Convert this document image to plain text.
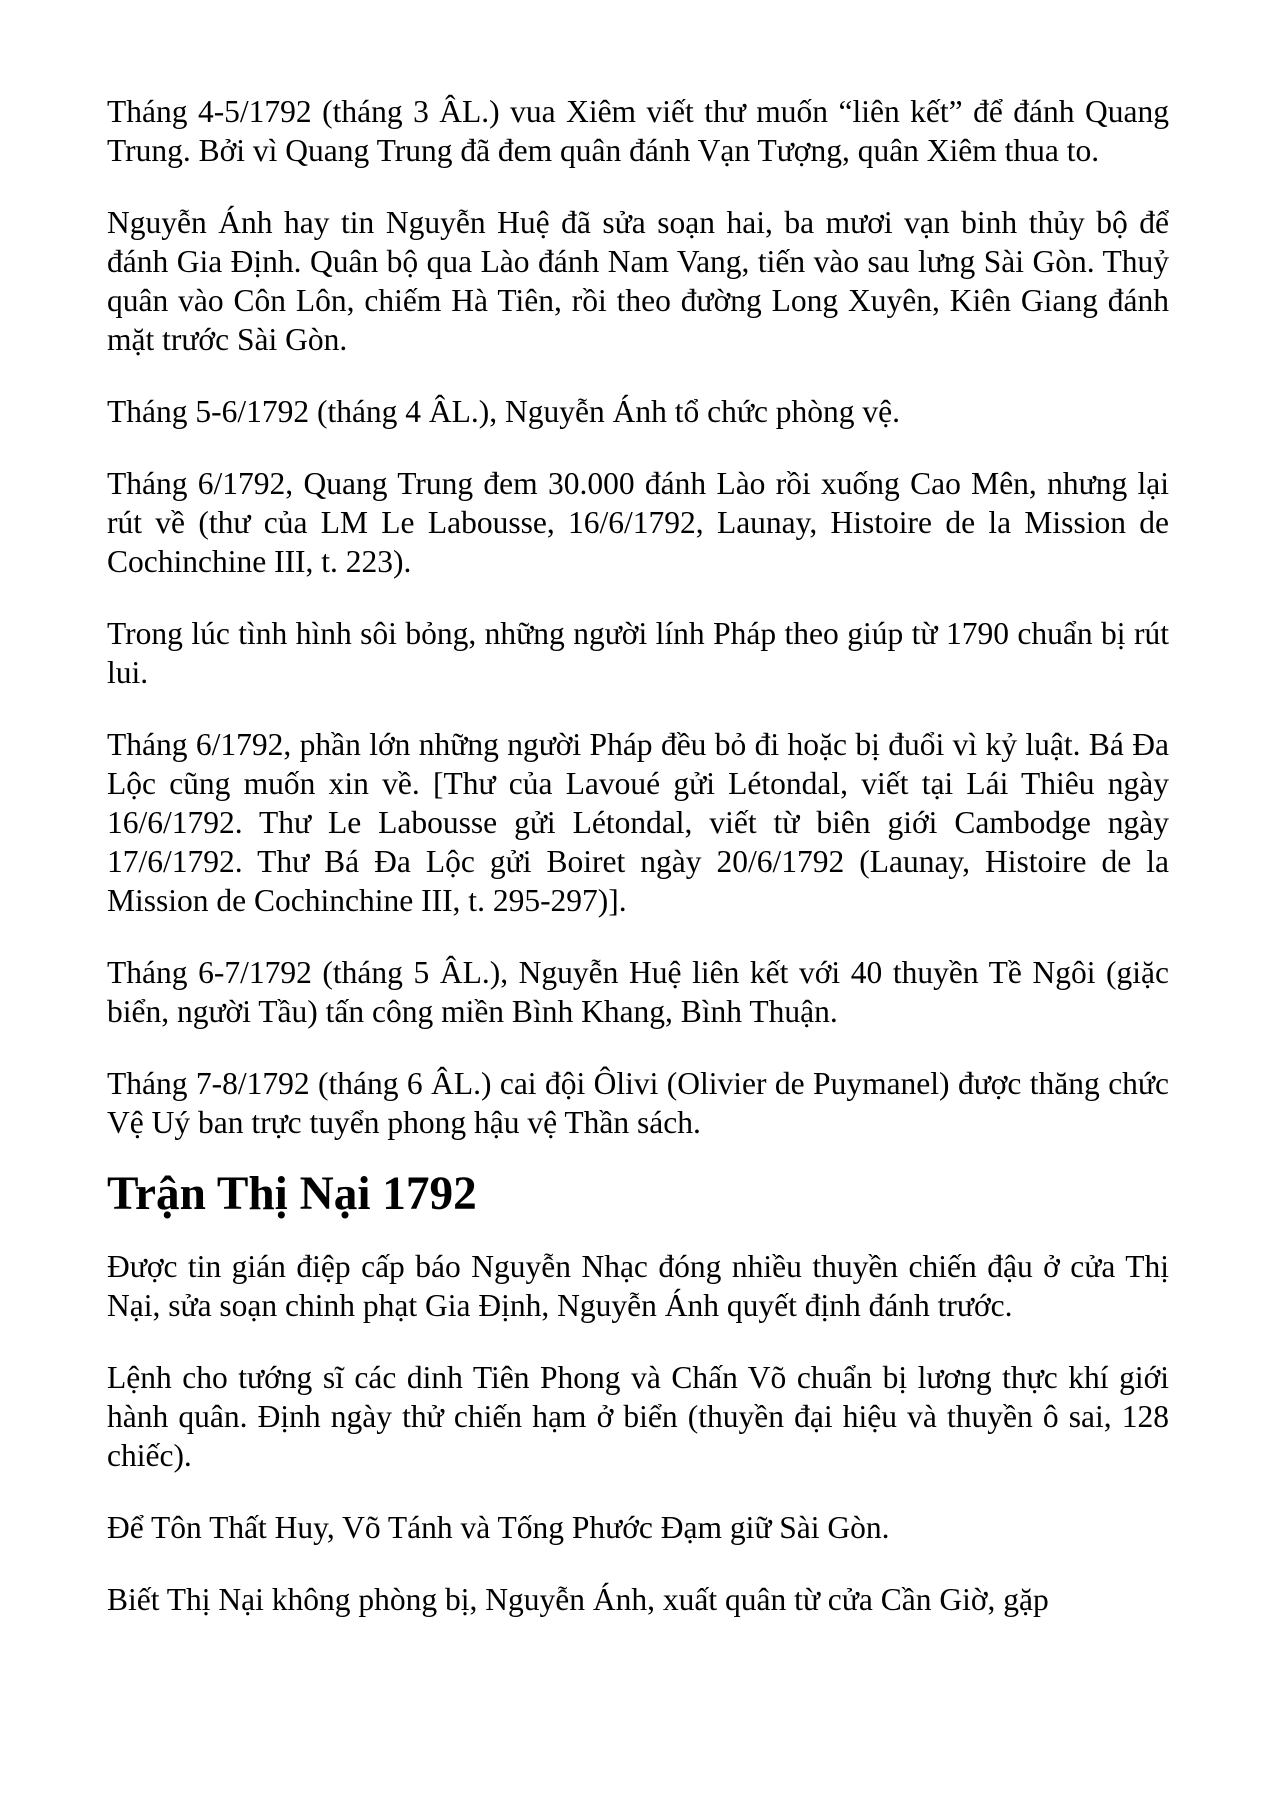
Tháng 4-5/1792 (tháng 3 ÂL.) vua Xiêm viết thư muốn “liên kết” để đánh Quang Trung. Bởi vì Quang Trung đã đem quân đánh Vạn Tượng, quân Xiêm thua to.

Nguyễn Ánh hay tin Nguyễn Huệ đã sửa soạn hai, ba mươi vạn binh thủy bộ để đánh Gia Định. Quân bộ qua Lào đánh Nam Vang, tiến vào sau lưng Sài Gòn. Thuỷ quân vào Côn Lôn, chiếm Hà Tiên, rồi theo đường Long Xuyên, Kiên Giang đánh mặt trước Sài Gòn.

Tháng 5-6/1792 (tháng 4 ÂL.), Nguyễn Ánh tổ chức phòng vệ.

Tháng 6/1792, Quang Trung đem 30.000 đánh Lào rồi xuống Cao Mên, nhưng lại rút về (thư của LM Le Labousse, 16/6/1792, Launay, Histoire de la Mission de Cochinchine III, t. 223).

Trong lúc tình hình sôi bỏng, những người lính Pháp theo giúp từ 1790 chuẩn bị rút lui.

Tháng 6/1792, phần lớn những người Pháp đều bỏ đi hoặc bị đuổi vì kỷ luật. Bá Đa Lộc cũng muốn xin về. [Thư của Lavoué gửi Létondal, viết tại Lái Thiêu ngày 16/6/1792. Thư Le Labousse gửi Létondal, viết từ biên giới Cambodge ngày 17/6/1792. Thư Bá Đa Lộc gửi Boiret ngày 20/6/1792 (Launay, Histoire de la Mission de Cochinchine III, t. 295-297)].

Tháng 6-7/1792 (tháng 5 ÂL.), Nguyễn Huệ liên kết với 40 thuyền Tề Ngôi (giặc biển, người Tầu) tấn công miền Bình Khang, Bình Thuận.

Tháng 7-8/1792 (tháng 6 ÂL.) cai đội Ôlivi (Olivier de Puymanel) được thăng chức Vệ Uý ban trực tuyển phong hậu vệ Thần sách.

Trận Thị Nại 1792

Được tin gián điệp cấp báo Nguyễn Nhạc đóng nhiều thuyền chiến đậu ở cửa Thị Nại, sửa soạn chinh phạt Gia Định, Nguyễn Ánh quyết định đánh trước.

Lệnh cho tướng sĩ các dinh Tiên Phong và Chấn Võ chuẩn bị lương thực khí giới hành quân. Định ngày thử chiến hạm ở biển (thuyền đại hiệu và thuyền ô sai, 128 chiếc).

Để Tôn Thất Huy, Võ Tánh và Tống Phước Đạm giữ Sài Gòn.

Biết Thị Nại không phòng bị, Nguyễn Ánh, xuất quân từ cửa Cần Giờ, gặp
